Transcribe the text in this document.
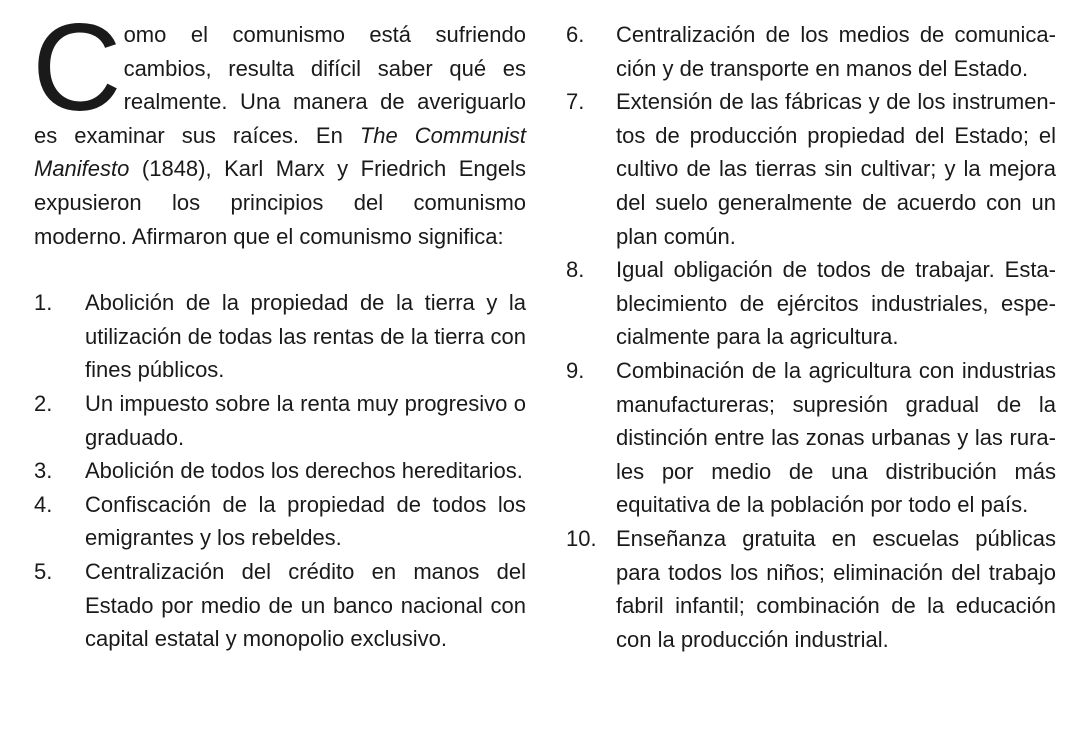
Como el comunismo está sufriendo cambios, resulta difícil saber qué es realmente. Una manera de averiguarlo es examinar sus raíces. En The Communist Manifesto (1848), Karl Marx y Friedrich Engels expusieron los principios del comunismo moderno. Afirmaron que el comunismo significa:

1. Abolición de la propiedad de la tierra y la utilización de todas las rentas de la tierra con fines públicos.
2. Un impuesto sobre la renta muy progresivo o graduado.
3. Abolición de todos los derechos hereditarios.
4. Confiscación de la propiedad de todos los emigrantes y los rebeldes.
5. Centralización del crédito en manos del Estado por medio de un banco nacional con capital estatal y monopolio exclusivo.
6. Centralización de los medios de comunicación y de transporte en manos del Estado.
7. Extensión de las fábricas y de los instrumentos de producción propiedad del Estado; el cultivo de las tierras sin cultivar; y la mejora del suelo generalmente de acuerdo con un plan común.
8. Igual obligación de todos de trabajar. Establecimiento de ejércitos industriales, especialmente para la agricultura.
9. Combinación de la agricultura con industrias manufactureras; supresión gradual de la distinción entre las zonas urbanas y las rurales por medio de una distribución más equitativa de la población por todo el país.
10. Enseñanza gratuita en escuelas públicas para todos los niños; eliminación del trabajo fabril infantil; combinación de la educación con la producción industrial.
